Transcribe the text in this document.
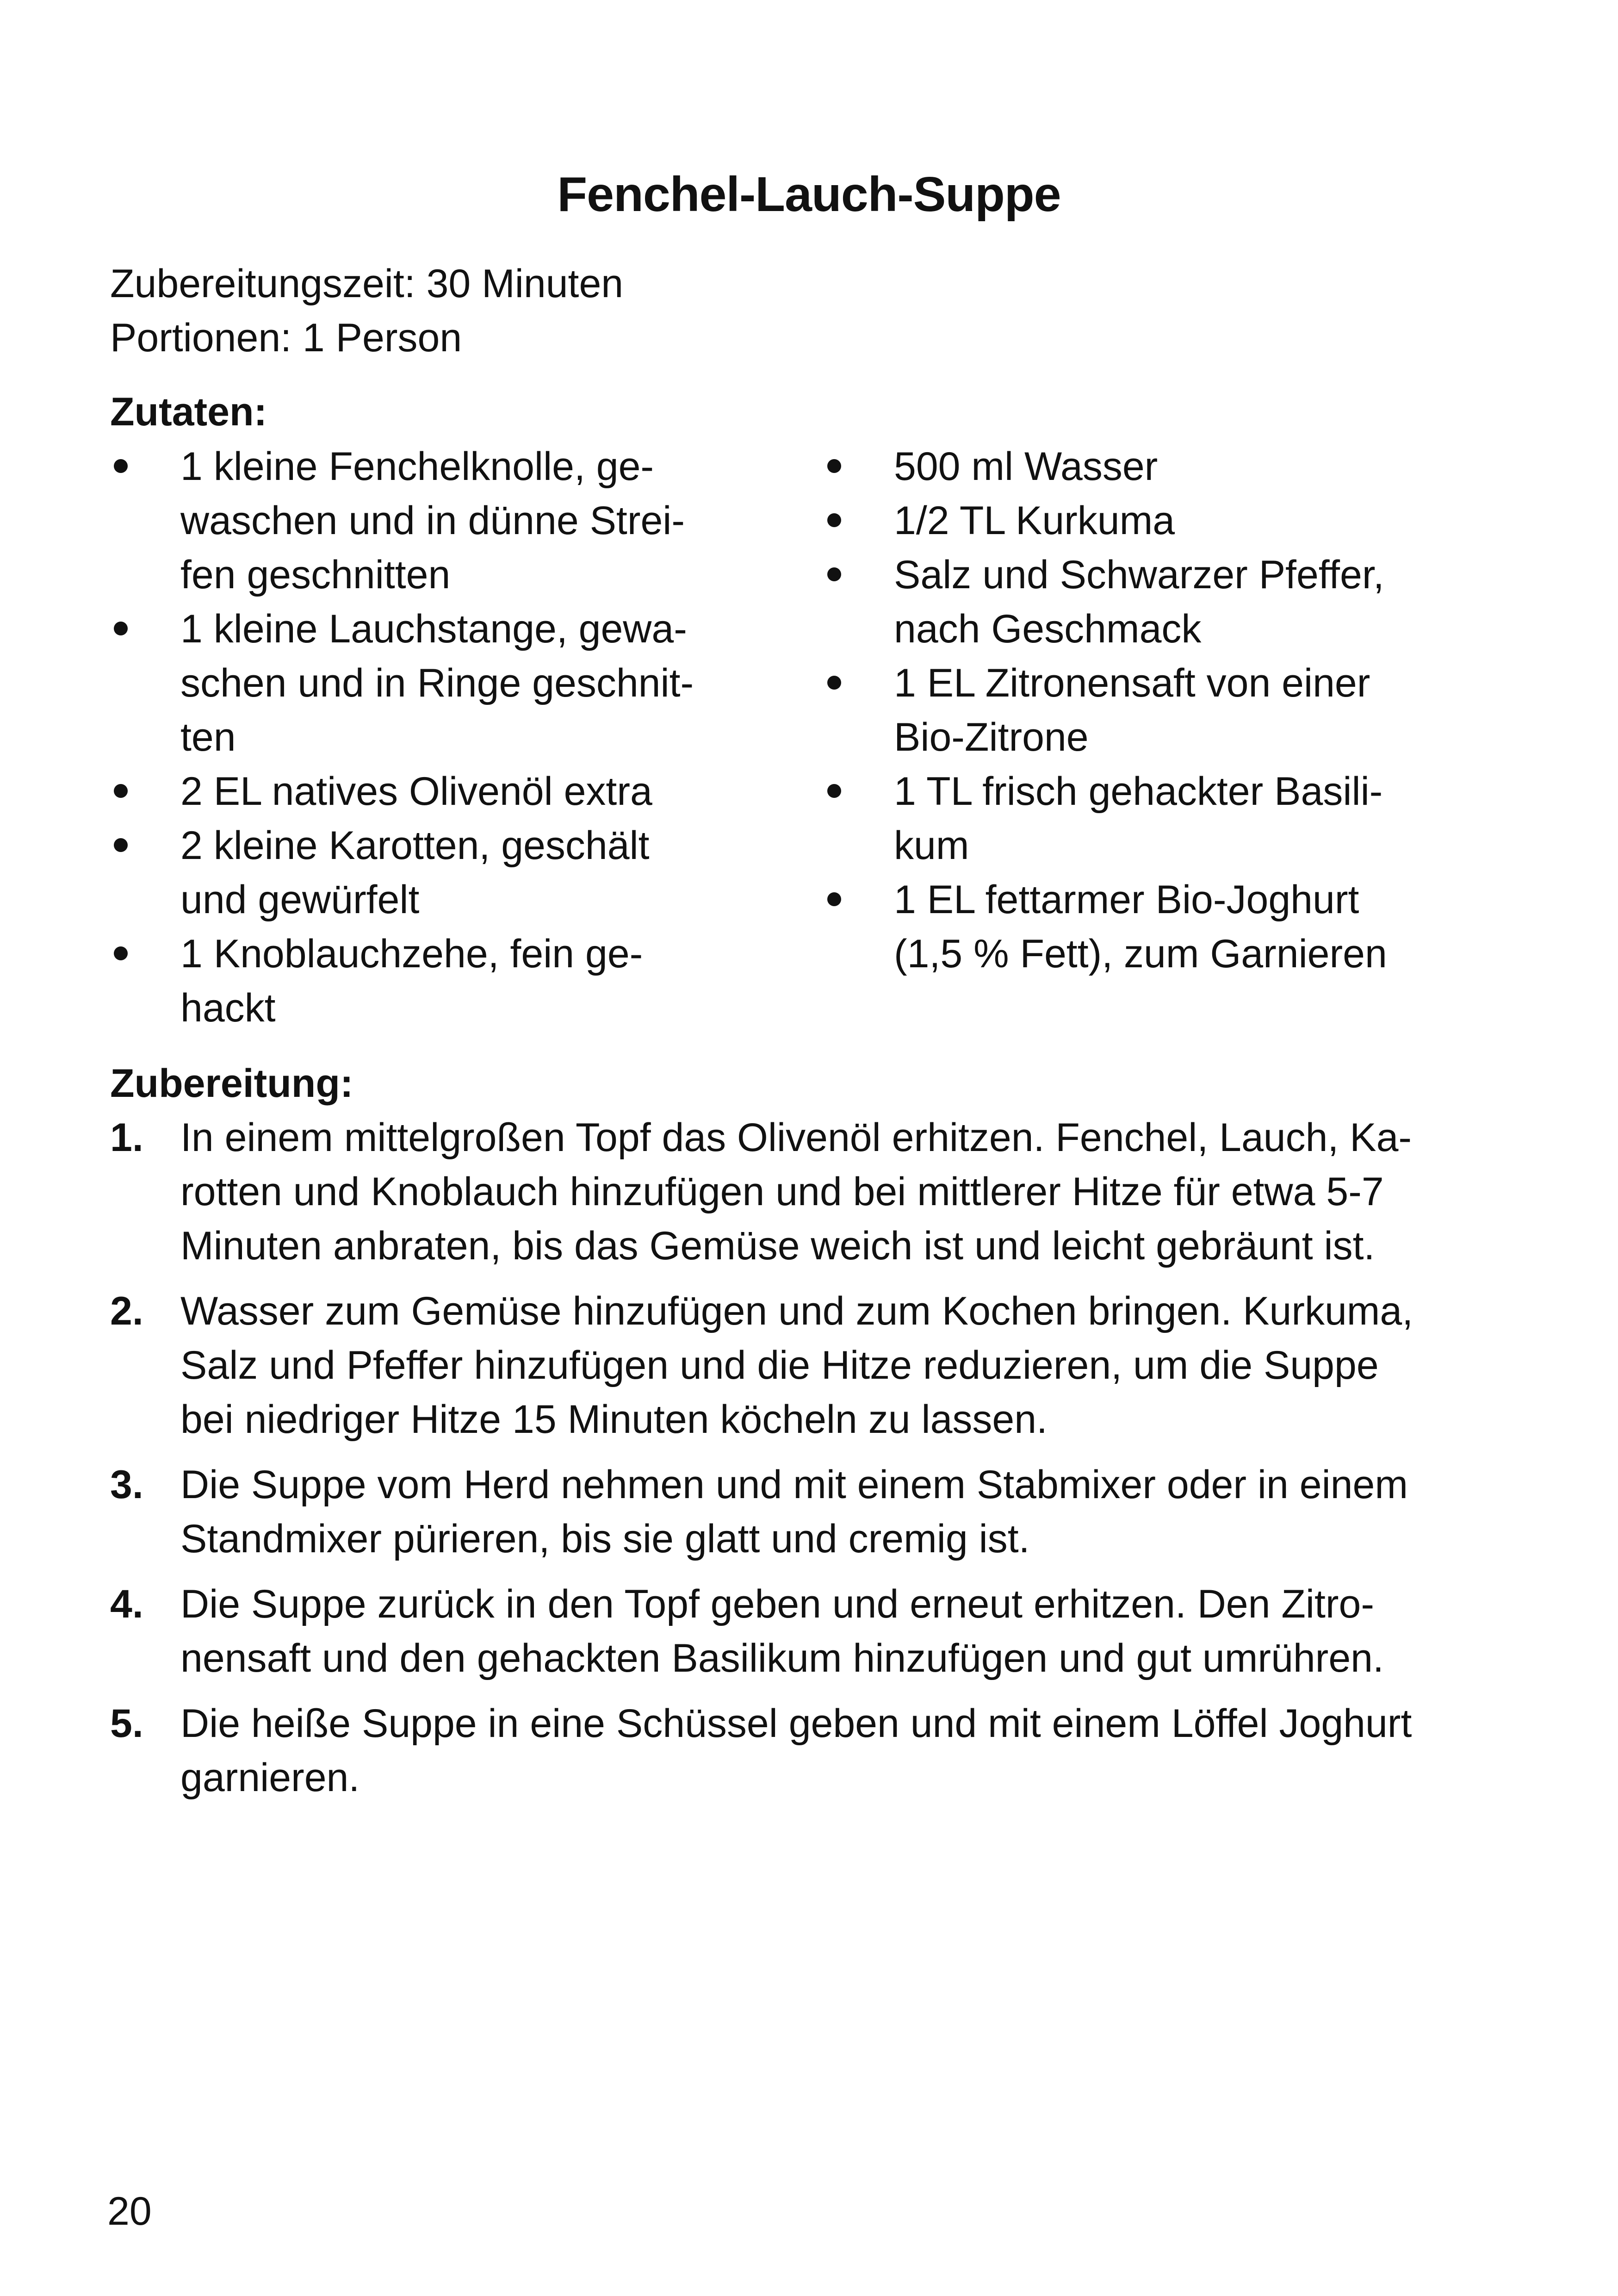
Fenchel-Lauch-Suppe
Zubereitungszeit: 30 Minuten
Portionen: 1 Person
Zutaten:
1 kleine Fenchelknolle, ge-
waschen und in dünne Strei-
fen geschnitten
1 kleine Lauchstange, gewa-
schen und in Ringe geschnit-
ten
2 EL natives Olivenöl extra
2 kleine Karotten, geschält
und gewürfelt
1 Knoblauchzehe, fein ge-
hackt
500 ml Wasser
1/2 TL Kurkuma
Salz und Schwarzer Pfeffer,
nach Geschmack
1 EL Zitronensaft von einer
Bio-Zitrone
1 TL frisch gehackter Basili-
kum
1 EL fettarmer Bio-Joghurt
(1,5 % Fett), zum Garnieren
Zubereitung:
1. In einem mittelgroßen Topf das Olivenöl erhitzen. Fenchel, Lauch, Ka-
rotten und Knoblauch hinzufügen und bei mittlerer Hitze für etwa 5-7
Minuten anbraten, bis das Gemüse weich ist und leicht gebräunt ist.
2. Wasser zum Gemüse hinzufügen und zum Kochen bringen. Kurkuma,
Salz und Pfeffer hinzufügen und die Hitze reduzieren, um die Suppe
bei niedriger Hitze 15 Minuten köcheln zu lassen.
3. Die Suppe vom Herd nehmen und mit einem Stabmixer oder in einem
Standmixer pürieren, bis sie glatt und cremig ist.
4. Die Suppe zurück in den Topf geben und erneut erhitzen. Den Zitro-
nensaft und den gehackten Basilikum hinzufügen und gut umrühren.
5. Die heiße Suppe in eine Schüssel geben und mit einem Löffel Joghurt
garnieren.
20
